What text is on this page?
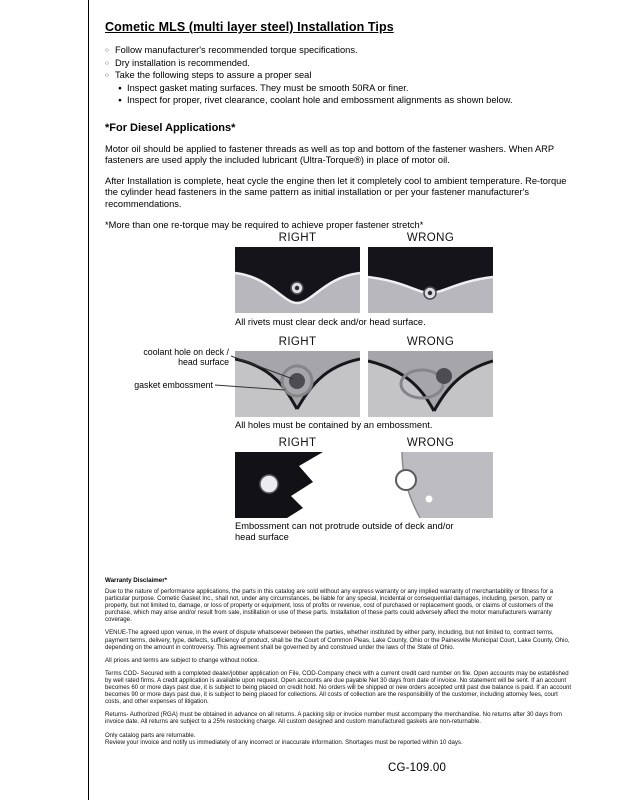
Cometic MLS (multi layer steel) Installation Tips
○ Follow manufacturer's recommended torque specifications.
○ Dry installation is recommended.
○ Take the following steps to assure a proper seal
● Inspect gasket mating surfaces. They must be smooth 50RA or finer.
● Inspect for proper, rivet clearance, coolant hole and embossment alignments as shown below.
*For Diesel Applications*

Motor oil should be applied to fastener threads as well as top and bottom of the fastener washers. When ARP fasteners are used apply the included lubricant (Ultra-Torque®) in place of motor oil.

After Installation is complete, heat cycle the engine then let it completely cool to ambient temperature. Re-torque the cylinder head fasteners in the same pattern as initial installation or per your fastener manufacturer's recommendations.

*More than one re-torque may be required to achieve proper fastener stretch*

RIGHT	WRONG
All rivets must clear deck and/or head surface.
RIGHT	WRONG
coolant hole on deck / head surface
gasket embossment
All holes must be contained by an embossment.
RIGHT	WRONG
Embossment can not protrude outside of deck and/or head surface
Warranty Disclaimer*

Due to the nature of performance applications, the parts in this catalog are sold without any express warranty or any implied warranty of merchantability or fitness for a particular purpose. Cometic Gasket Inc., shall not, under any circumstances, be liable for any special, incidental or consequential damages, including, person, party or property, but not limited to, damage, or loss of property or equipment, loss of profits or revenue, cost of purchased or replacement goods, or claims of customers of the purchase, which may arise and/or result from sale, instillation or use of these parts. Installation of these parts could adversely affect the motor manufacturers warranty coverage.

VENUE-The agreed upon venue, in the event of dispute whatsoever between the parties, whether instituted by either party, including, but not limited to, contract terms, payment terms, delivery, type, defects, sufficiency of product, shall be the Court of Common Pleas, Lake County, Ohio or the Painesville Municipal Court, Lake County, Ohio, depending on the amount in controversy. This agreement shall be governed by and construed under the laws of the State of Ohio.

All prices and terms are subject to change without notice.

Terms COD- Secured with a completed dealer/jobber application on File, COD-Company check with a current credit card number on file. Open accounts may be established by well rated firms. A credit application is available upon request. Open accounts are due payable Net 30 days from date of invoice. No statement will be sent. If an account becomes 60 or more days past due, it is subject to being placed on credit hold. No orders will be shipped or new orders accepted until past due balance is paid. If an account becomes 90 or more days past due, it is subject to being placed for collections. All costs of collection are the responsibility of the customer, including attorney fees, court costs, and other expenses of litigation.

Returns- Authorized (RGA) must be obtained in advance on all returns. A packing slip or invoice number must accompany the merchandise. No returns after 30 days from invoice date. All returns are subject to a 25% restocking charge. All custom designed and custom manufactured gaskets are non-returnable.

Only catalog parts are returnable.

Review your invoice and notify us immediately of any incorrect or inaccurate information. Shortages must be reported within 10 days.

CG-109.00
